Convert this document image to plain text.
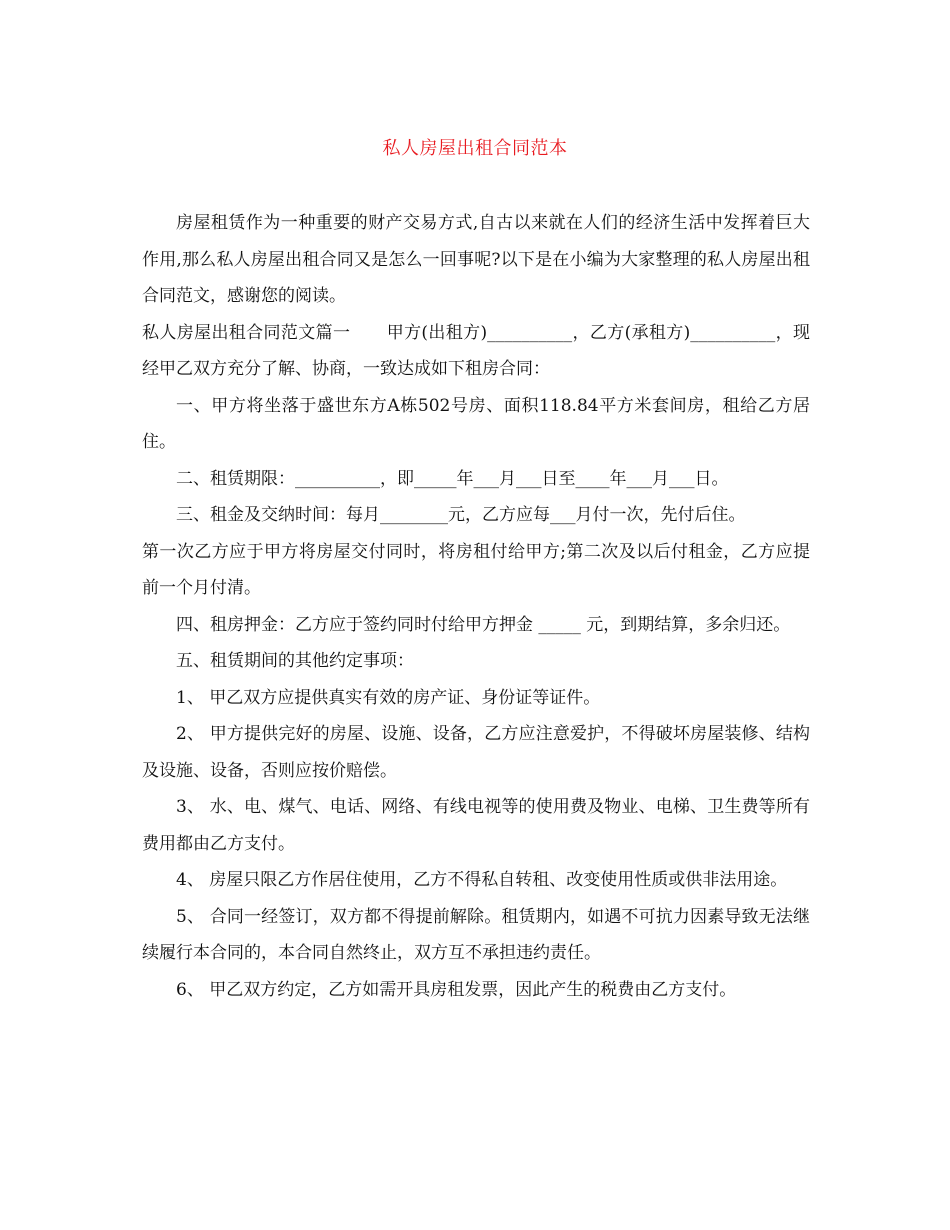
私人房屋出租合同范本

房屋租赁作为一种重要的财产交易方式,自古以来就在人们的经济生活中发挥着巨大作用,那么私人房屋出租合同又是怎么一回事呢?以下是在小编为大家整理的私人房屋出租合同范文，感谢您的阅读。

私人房屋出租合同范文篇一 甲方(出租方)__________，乙方(承租方)__________，现经甲乙双方充分了解、协商，一致达成如下租房合同：

一、甲方将坐落于盛世东方A栋502号房、面积118.84平方米套间房，租给乙方居住。

二、租赁期限：__________，即_____年___月___日至____年___月___日。

三、租金及交纳时间：每月________元，乙方应每___月付一次，先付后住。

第一次乙方应于甲方将房屋交付同时，将房租付给甲方;第二次及以后付租金，乙方应提前一个月付清。

四、租房押金：乙方应于签约同时付给甲方押金 _____ 元，到期结算，多余归还。

五、租赁期间的其他约定事项：

1、 甲乙双方应提供真实有效的房产证、身份证等证件。

2、 甲方提供完好的房屋、设施、设备，乙方应注意爱护，不得破坏房屋装修、结构及设施、设备，否则应按价赔偿。

3、 水、电、煤气、电话、网络、有线电视等的使用费及物业、电梯、卫生费等所有费用都由乙方支付。

4、 房屋只限乙方作居住使用，乙方不得私自转租、改变使用性质或供非法用途。

5、 合同一经签订，双方都不得提前解除。租赁期内，如遇不可抗力因素导致无法继续履行本合同的，本合同自然终止，双方互不承担违约责任。

6、 甲乙双方约定，乙方如需开具房租发票，因此产生的税费由乙方支付。
